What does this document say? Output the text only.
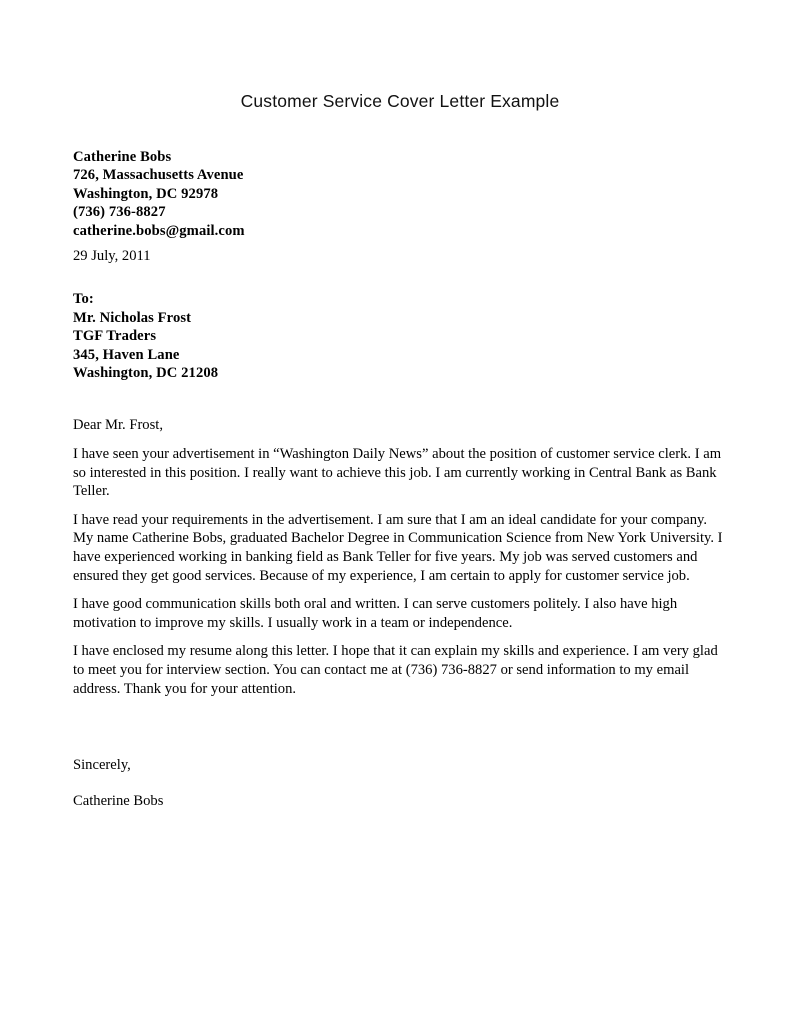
Customer Service Cover Letter Example
Catherine Bobs
726, Massachusetts Avenue
Washington, DC 92978
(736) 736-8827
catherine.bobs@gmail.com
29 July, 2011
To:
Mr. Nicholas Frost
TGF Traders
345, Haven Lane
Washington, DC 21208

Dear Mr. Frost,

I have seen your advertisement in “Washington Daily News” about the position of customer service clerk. I am so interested in this position. I really want to achieve this job. I am currently working in Central Bank as Bank Teller.

I have read your requirements in the advertisement. I am sure that I am an ideal candidate for your company. My name Catherine Bobs, graduated Bachelor Degree in Communication Science from New York University. I have experienced working in banking field as Bank Teller for five years. My job was served customers and ensured they get good services. Because of my experience, I am certain to apply for customer service job.

I have good communication skills both oral and written. I can serve customers politely. I also have high motivation to improve my skills. I usually work in a team or independence.

I have enclosed my resume along this letter. I hope that it can explain my skills and experience. I am very glad to meet you for interview section. You can contact me at (736) 736-8827 or send information to my email address. Thank you for your attention.

Sincerely,
Catherine Bobs
